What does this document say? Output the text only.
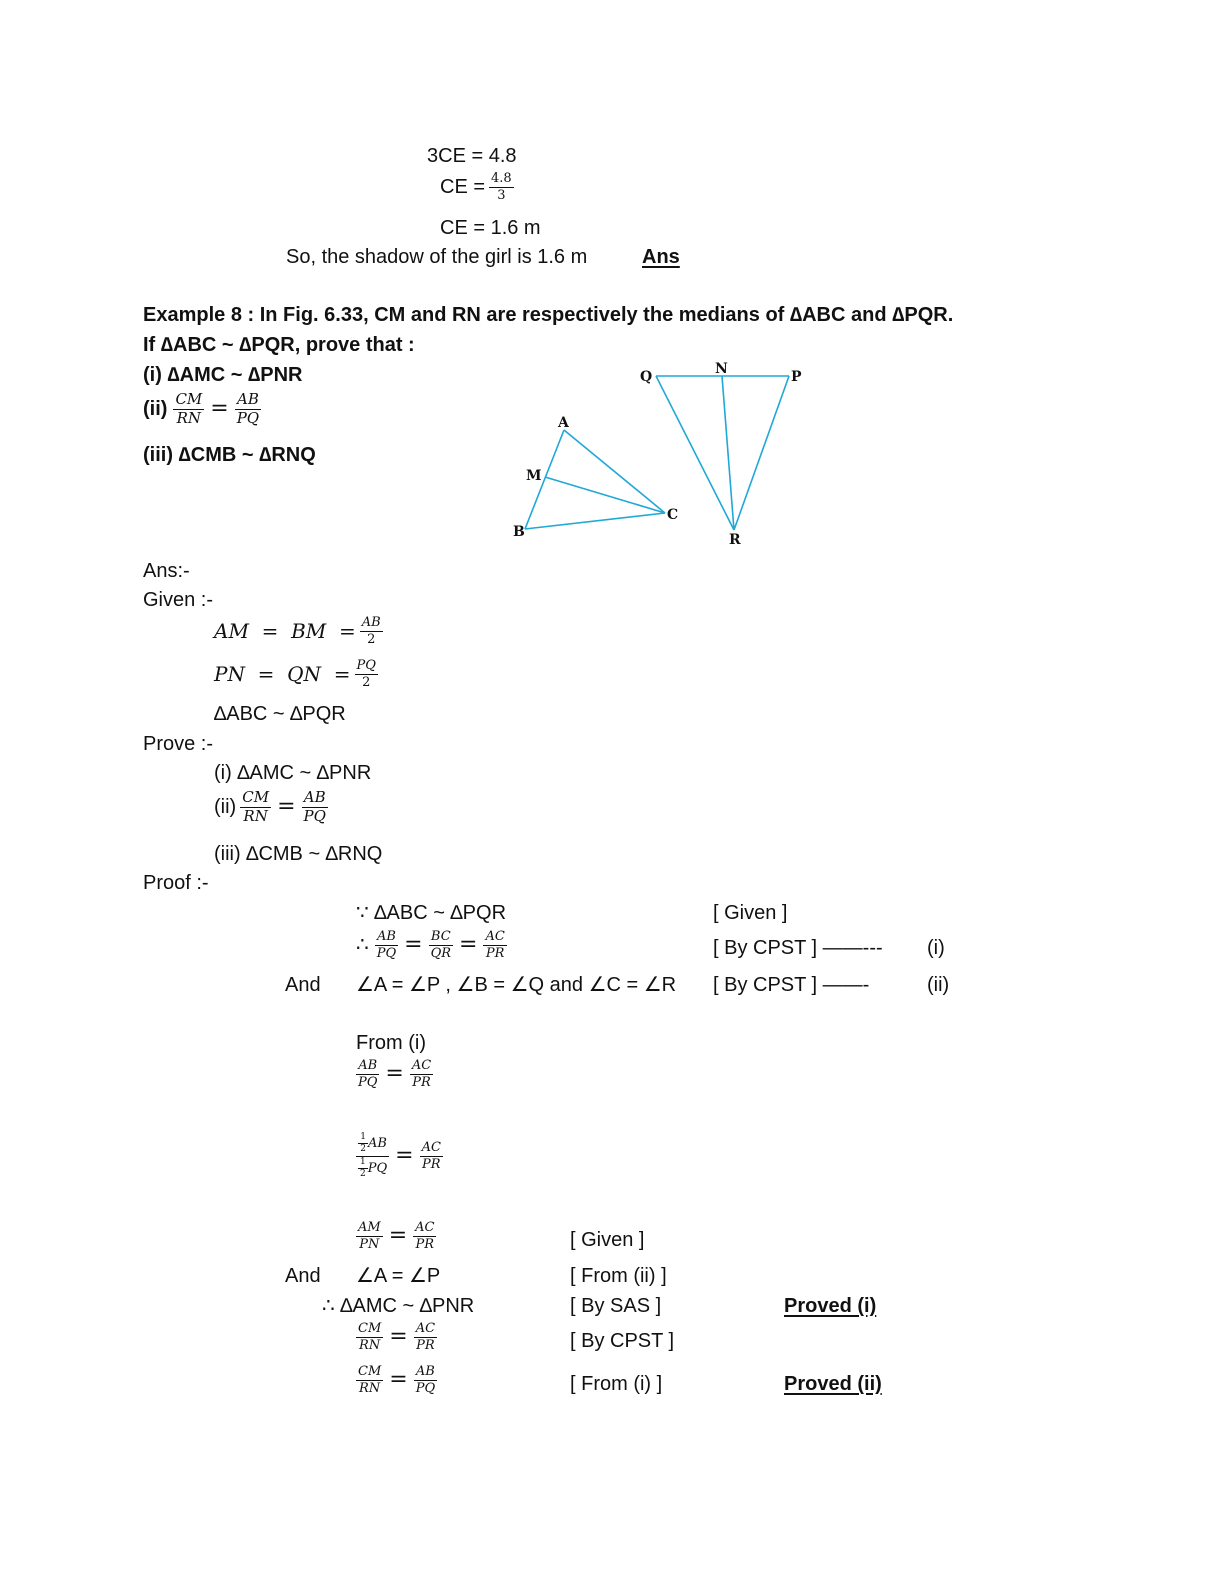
3CE = 4.8
CE = $\frac{4.8}{3}$
CE = 1.6 m
So, the shadow of the girl is 1.6 m	Ans
Example 8 : In Fig. 6.33, CM and RN are respectively the medians of ∆ABC and ∆PQR.
If ∆ABC ~ ∆PQR, prove that :
(i) ∆AMC ~ ∆PNR
$(ii) \frac{CM}{RN} = \frac{AB}{PQ}$
(iii) ∆CMB ~ ∆RNQ
A
M
B
C
Q	N	P
R
Ans:-
Given :-
AM  =  BM  = $\frac{AB}{2}$
PN  =  QN  = $\frac{PQ}{2}$
∆ABC ~ ∆PQR
Prove :-
(i) ∆AMC ~ ∆PNR
$(ii) \frac{CM}{RN} = \frac{AB}{PQ}$
(iii) ∆CMB ~ ∆RNQ
Proof :-
∵ ∆ABC ~ ∆PQR	[ Given ]
∴ $\frac{AB}{PQ} = \frac{BC}{QR} = \frac{AC}{PR}$	[ By CPST ] ——--- (i)
And ∠A = ∠P , ∠B = ∠Q and ∠C = ∠R [ By CPST ] ——-	(ii)
From (i)
$\frac{AB}{PQ} = \frac{AC}{PR}$
$\frac{\frac{1}{2} AB}{\frac{1}{2} PQ} = \frac{AC}{PR}$
$\frac{AM}{PN} = \frac{AC}{PR}$	[ Given ]
And ∠A = ∠P	[ From (ii) ]
∴ ∆AMC ~ ∆PNR	[ By SAS ]	Proved (i)
$\frac{CM}{RN} = \frac{AC}{PR}$	[ By CPST ]
$\frac{CM}{RN} = \frac{AB}{PQ}$	[ From (i) ]	Proved (ii)
